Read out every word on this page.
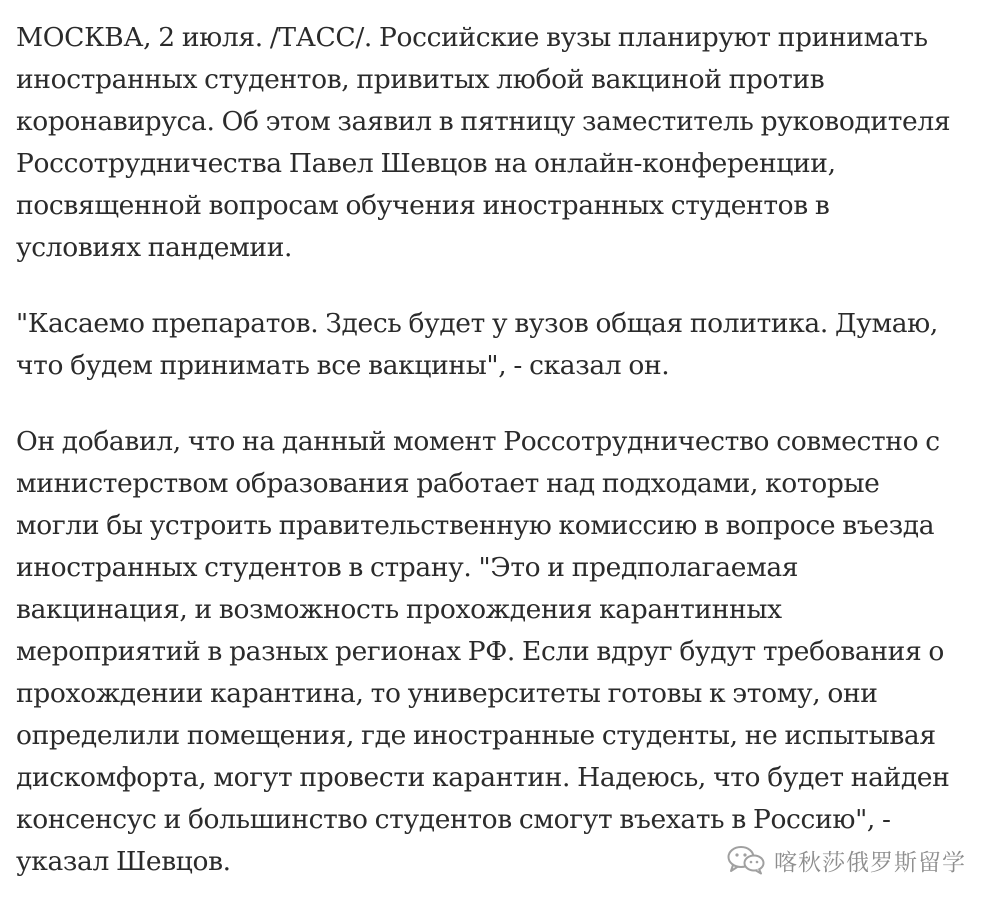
МОСКВА, 2 июля. /ТАСС/. Российские вузы планируют принимать
иностранных студентов, привитых любой вакциной против
коронавируса. Об этом заявил в пятницу заместитель руководителя
Россотрудничества Павел Шевцов на онлайн-конференции,
посвященной вопросам обучения иностранных студентов в
условиях пандемии.

"Касаемо препаратов. Здесь будет у вузов общая политика. Думаю,
что будем принимать все вакцины", - сказал он.

Он добавил, что на данный момент Россотрудничество совместно с
министерством образования работает над подходами, которые
могли бы устроить правительственную комиссию в вопросе въезда
иностранных студентов в страну. "Это и предполагаемая
вакцинация, и возможность прохождения карантинных
мероприятий в разных регионах РФ. Если вдруг будут требования о
прохождении карантина, то университеты готовы к этому, они
определили помещения, где иностранные студенты, не испытывая
дискомфорта, могут провести карантин. Надеюсь, что будет найден
консенсус и большинство студентов смогут въехать в Россию", -
указал Шевцов.	喀秋莎俄罗斯留学
